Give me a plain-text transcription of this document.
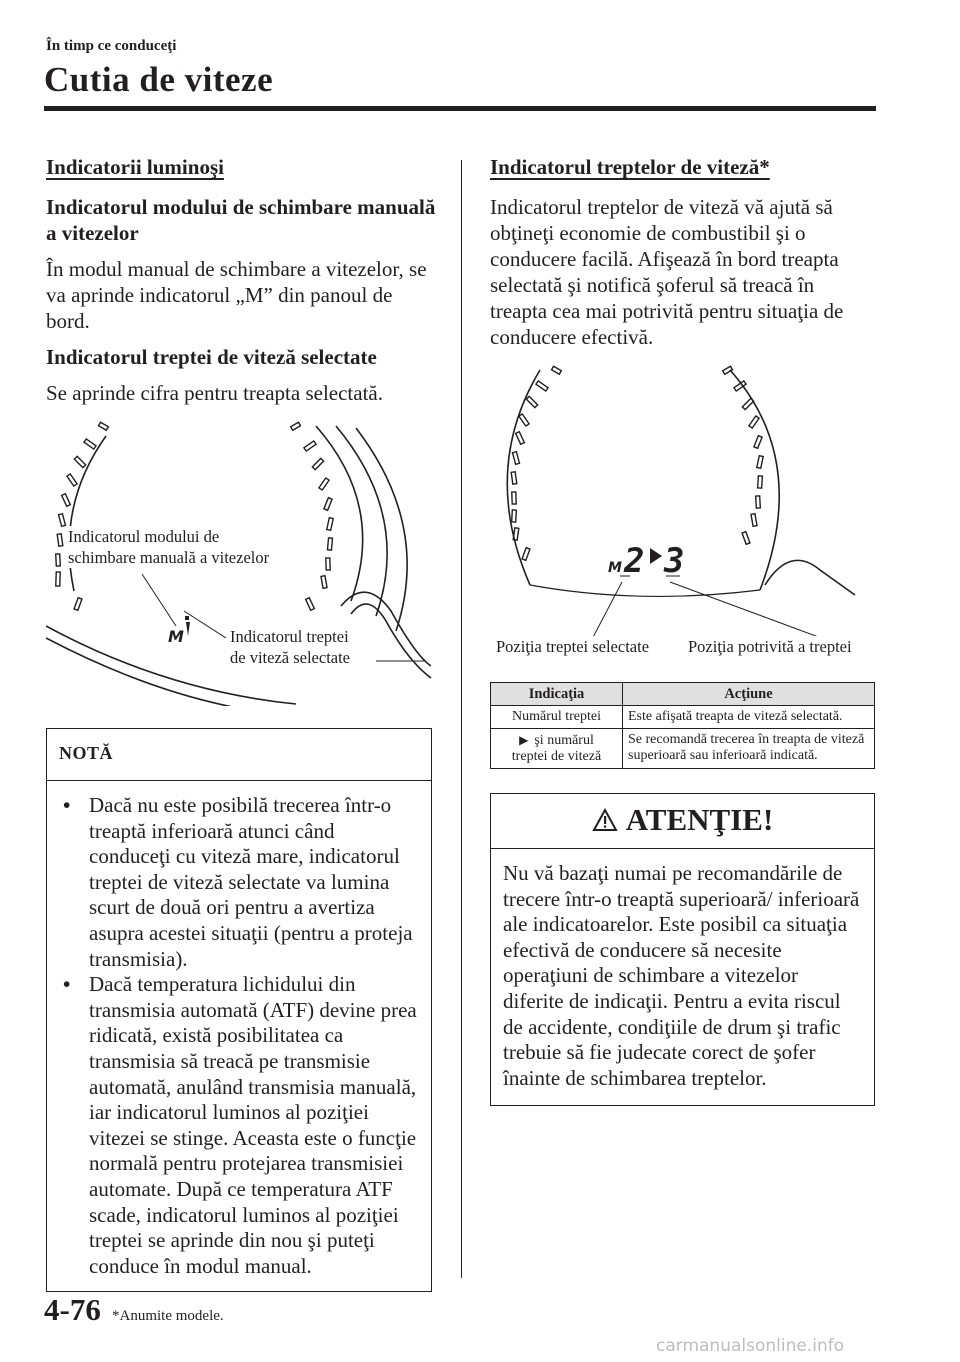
În timp ce conduceţi
Cutia de viteze
Indicatorii luminoşi
Indicatorul modului de schimbare manuală a vitezelor
În modul manual de schimbare a vitezelor, se va aprinde indicatorul „M” din panoul de bord.
Indicatorul treptei de viteză selectate
Se aprinde cifra pentru treapta selectată.
M
Indicatorul modului de
schimbare manuală a vitezelor
Indicatorul treptei
de viteză selectate
NOTĂ
• Dacă nu este posibilă trecerea într-o treaptă inferioară atunci când conduceţi cu viteză mare, indicatorul treptei de viteză selectate va lumina scurt de două ori pentru a avertiza asupra acestei situaţii (pentru a proteja transmisia).
• Dacă temperatura lichidului din transmisia automată (ATF) devine prea ridicată, există posibilitatea ca transmisia să treacă pe transmisie automată, anulând transmisia manuală, iar indicatorul luminos al poziţiei vitezei se stinge. Aceasta este o funcţie normală pentru protejarea transmisiei automate. După ce temperatura ATF scade, indicatorul luminos al poziţiei treptei se aprinde din nou şi puteţi conduce în modul manual.
Indicatorul treptelor de viteză*
Indicatorul treptelor de viteză vă ajută să obţineţi economie de combustibil şi o conducere facilă. Afişează în bord treapta selectată şi notifică şoferul să treacă în treapta cea mai potrivită pentru situaţia de conducere efectivă.
M 2 3
Poziţia treptei selectate Poziţia potrivită a treptei
Indicaţia	Acţiune
Numărul treptei	Este afişată treapta de viteză selectată.

▶ şi numărul
treptei de viteză	Se recomandă trecerea în treapta de viteză superioară sau inferioară indicată.
ATENŢIE!
Nu vă bazaţi numai pe recomandările de trecere într-o treaptă superioară/ inferioară ale indicatoarelor. Este posibil ca situaţia efectivă de conducere să necesite operaţiuni de schimbare a vitezelor diferite de indicaţii. Pentru a evita riscul de accidente, condiţiile de drum şi trafic trebuie să fie judecate corect de şofer înainte de schimbarea treptelor.
4-76 *Anumite modele.
carmanualsonline.info
